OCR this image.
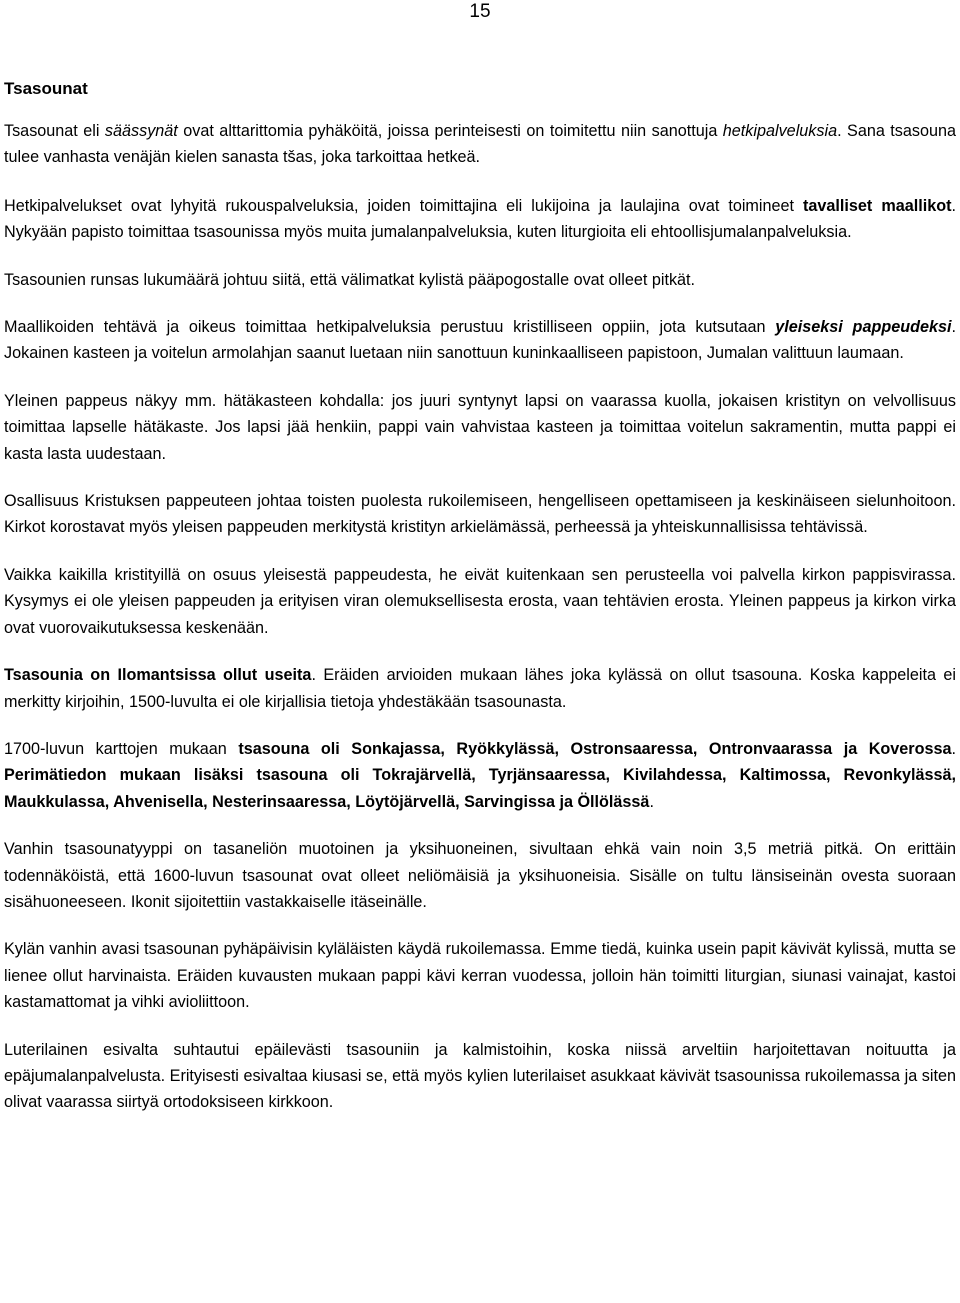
15
Tsasounat

Tsasounat eli säässynät ovat alttarittomia pyhäköitä, joissa perinteisesti on toimitettu niin sanottuja hetkipalveluksia. Sana tsasouna tulee vanhasta venäjän kielen sanasta tšas, joka tarkoittaa hetkeä.

Hetkipalvelukset ovat lyhyitä rukouspalveluksia, joiden toimittajina eli lukijoina ja laulajina ovat toimineet tavalliset maallikot. Nykyään papisto toimittaa tsasounissa myös muita jumalanpalveluksia, kuten liturgioita eli ehtoollisjumalanpalveluksia.

Tsasounien runsas lukumäärä johtuu siitä, että välimatkat kylistä pääpogostalle ovat olleet pitkät.

Maallikoiden tehtävä ja oikeus toimittaa hetkipalveluksia perustuu kristilliseen oppiin, jota kutsutaan yleiseksi pappeudeksi. Jokainen kasteen ja voitelun armolahjan saanut luetaan niin sanottuun kuninkaalliseen papistoon, Jumalan valittuun laumaan.

Yleinen pappeus näkyy mm. hätäkasteen kohdalla: jos juuri syntynyt lapsi on vaarassa kuolla, jokaisen kristityn on velvollisuus toimittaa lapselle hätäkaste. Jos lapsi jää henkiin, pappi vain vahvistaa kasteen ja toimittaa voitelun sakramentin, mutta pappi ei kasta lasta uudestaan.

Osallisuus Kristuksen pappeuteen johtaa toisten puolesta rukoilemiseen, hengelliseen opettamiseen ja keskinäiseen sielunhoitoon. Kirkot korostavat myös yleisen pappeuden merkitystä kristityn arkielämässä, perheessä ja yhteiskunnallisissa tehtävissä.

Vaikka kaikilla kristityillä on osuus yleisestä pappeudesta, he eivät kuitenkaan sen perusteella voi palvella kirkon pappisvirassa. Kysymys ei ole yleisen pappeuden ja erityisen viran olemuksellisesta erosta, vaan tehtävien erosta. Yleinen pappeus ja kirkon virka ovat vuorovaikutuksessa keskenään.

Tsasounia on Ilomantsissa ollut useita. Eräiden arvioiden mukaan lähes joka kylässä on ollut tsasouna. Koska kappeleita ei merkitty kirjoihin, 1500-luvulta ei ole kirjallisia tietoja yhdestäkään tsasounasta.

1700-luvun karttojen mukaan tsasouna oli Sonkajassa, Ryökkylässä, Ostronsaaressa, Ontronvaarassa ja Koverossa. Perimätiedon mukaan lisäksi tsasouna oli Tokrajärvellä, Tyrjänsaaressa, Kivilahdessa, Kaltimossa, Revonkylässä, Maukkulassa, Ahvenisella, Nesterinsaaressa, Löytöjärvellä, Sarvingissa ja Öllölässä.

Vanhin tsasounatyyppi on tasaneliön muotoinen ja yksihuoneinen, sivultaan ehkä vain noin 3,5 metriä pitkä. On erittäin todennäköistä, että 1600-luvun tsasounat ovat olleet neliömäisiä ja yksihuoneisia. Sisälle on tultu länsiseinän ovesta suoraan sisähuoneeseen. Ikonit sijoitettiin vastakkaiselle itäseinälle.

Kylän vanhin avasi tsasounan pyhäpäivisin kyläläisten käydä rukoilemassa. Emme tiedä, kuinka usein papit kävivät kylissä, mutta se lienee ollut harvinaista. Eräiden kuvausten mukaan pappi kävi kerran vuodessa, jolloin hän toimitti liturgian, siunasi vainajat, kastoi kastamattomat ja vihki avioliittoon.

Luterilainen esivalta suhtautui epäilevästi tsasouniin ja kalmistoihin, koska niissä arveltiin harjoitettavan noituutta ja epäjumalanpalvelusta. Erityisesti esivaltaa kiusasi se, että myös kylien luterilaiset asukkaat kävivät tsasounissa rukoilemassa ja siten olivat vaarassa siirtyä ortodoksiseen kirkkoon.
